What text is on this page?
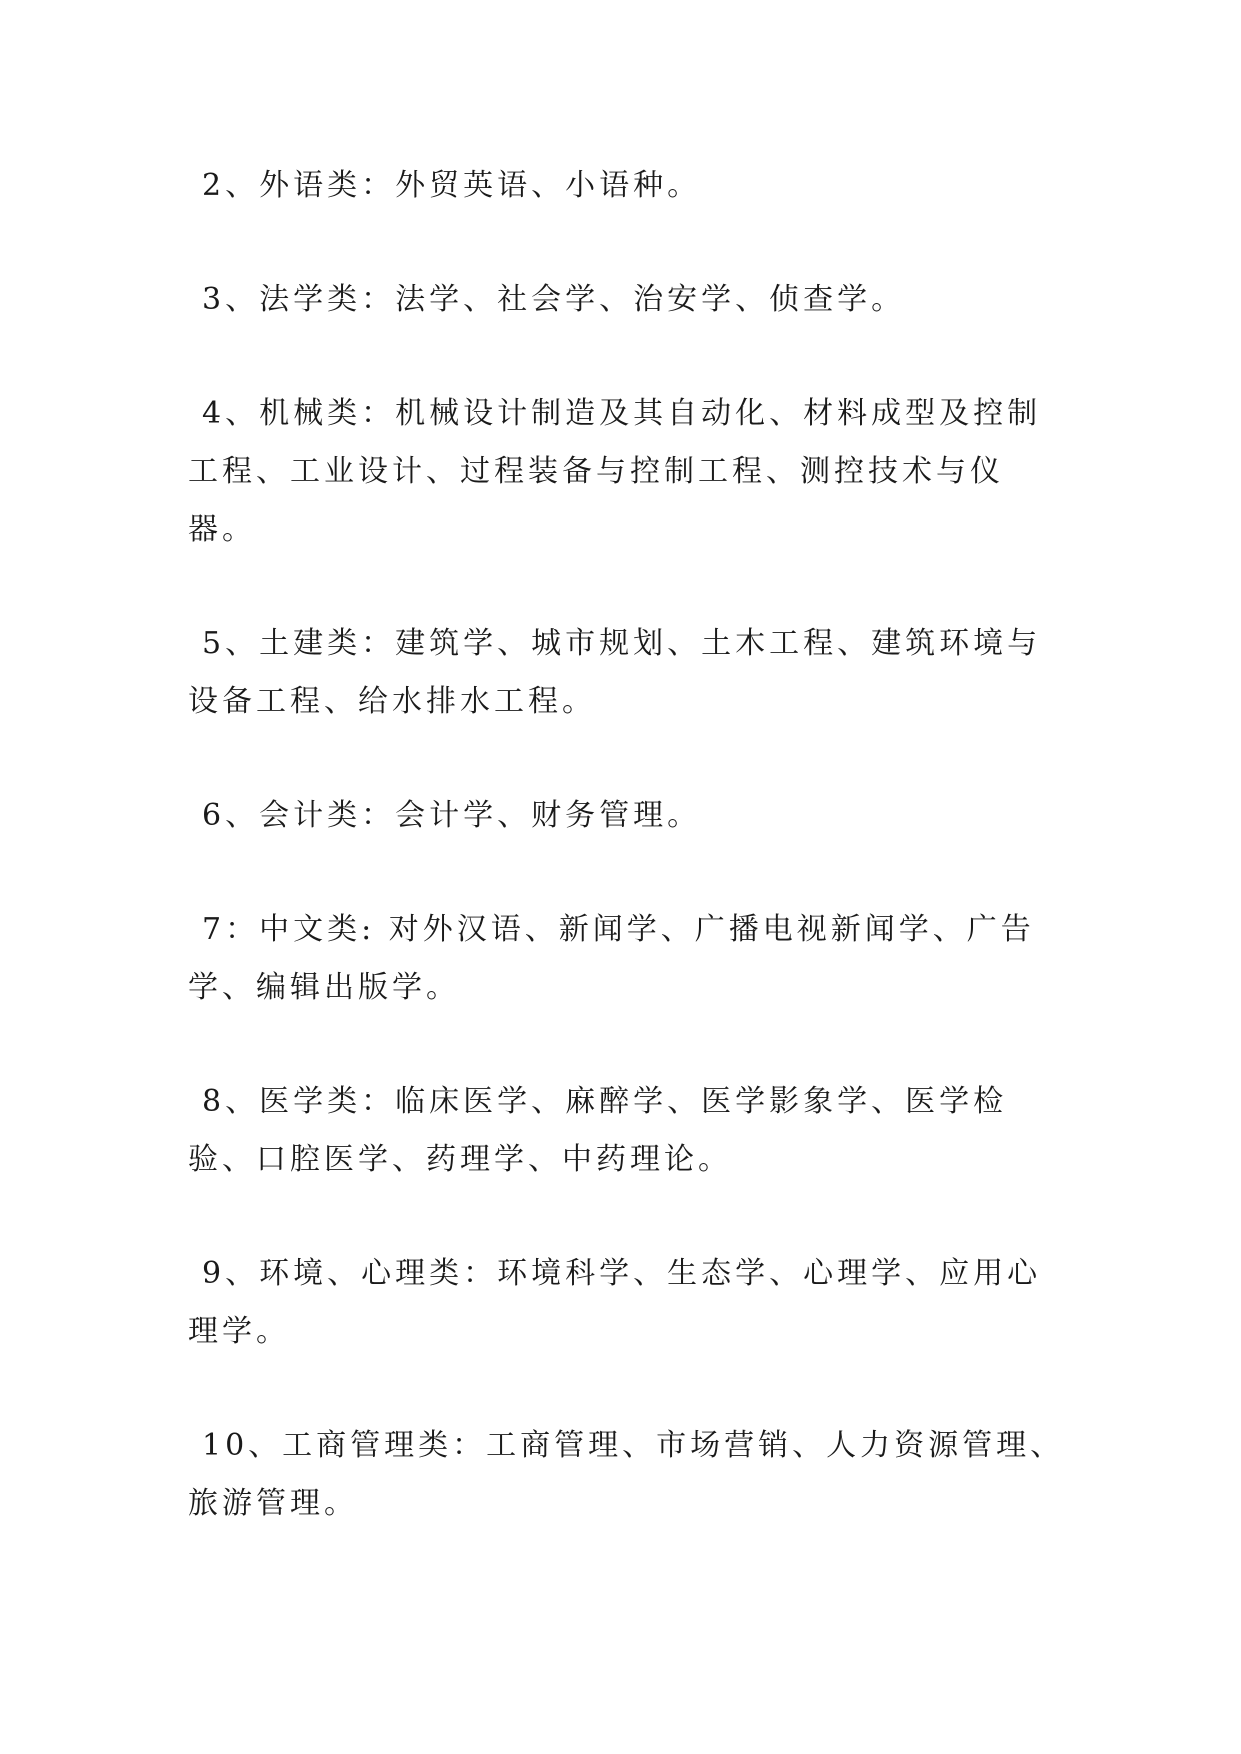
2、外语类：外贸英语、小语种。

3、法学类：法学、社会学、治安学、侦查学。

4、机械类：机械设计制造及其自动化、材料成型及控制工程、工业设计、过程装备与控制工程、测控技术与仪器。

5、土建类：建筑学、城市规划、土木工程、建筑环境与设备工程、给水排水工程。

6、会计类：会计学、财务管理。

7：中文类: 对外汉语、新闻学、广播电视新闻学、广告学、编辑出版学。

8、医学类：临床医学、麻醉学、医学影象学、医学检验、口腔医学、药理学、中药理论。

9、环境、心理类：环境科学、生态学、心理学、应用心理学。

10、工商管理类：工商管理、市场营销、人力资源管理、旅游管理。
